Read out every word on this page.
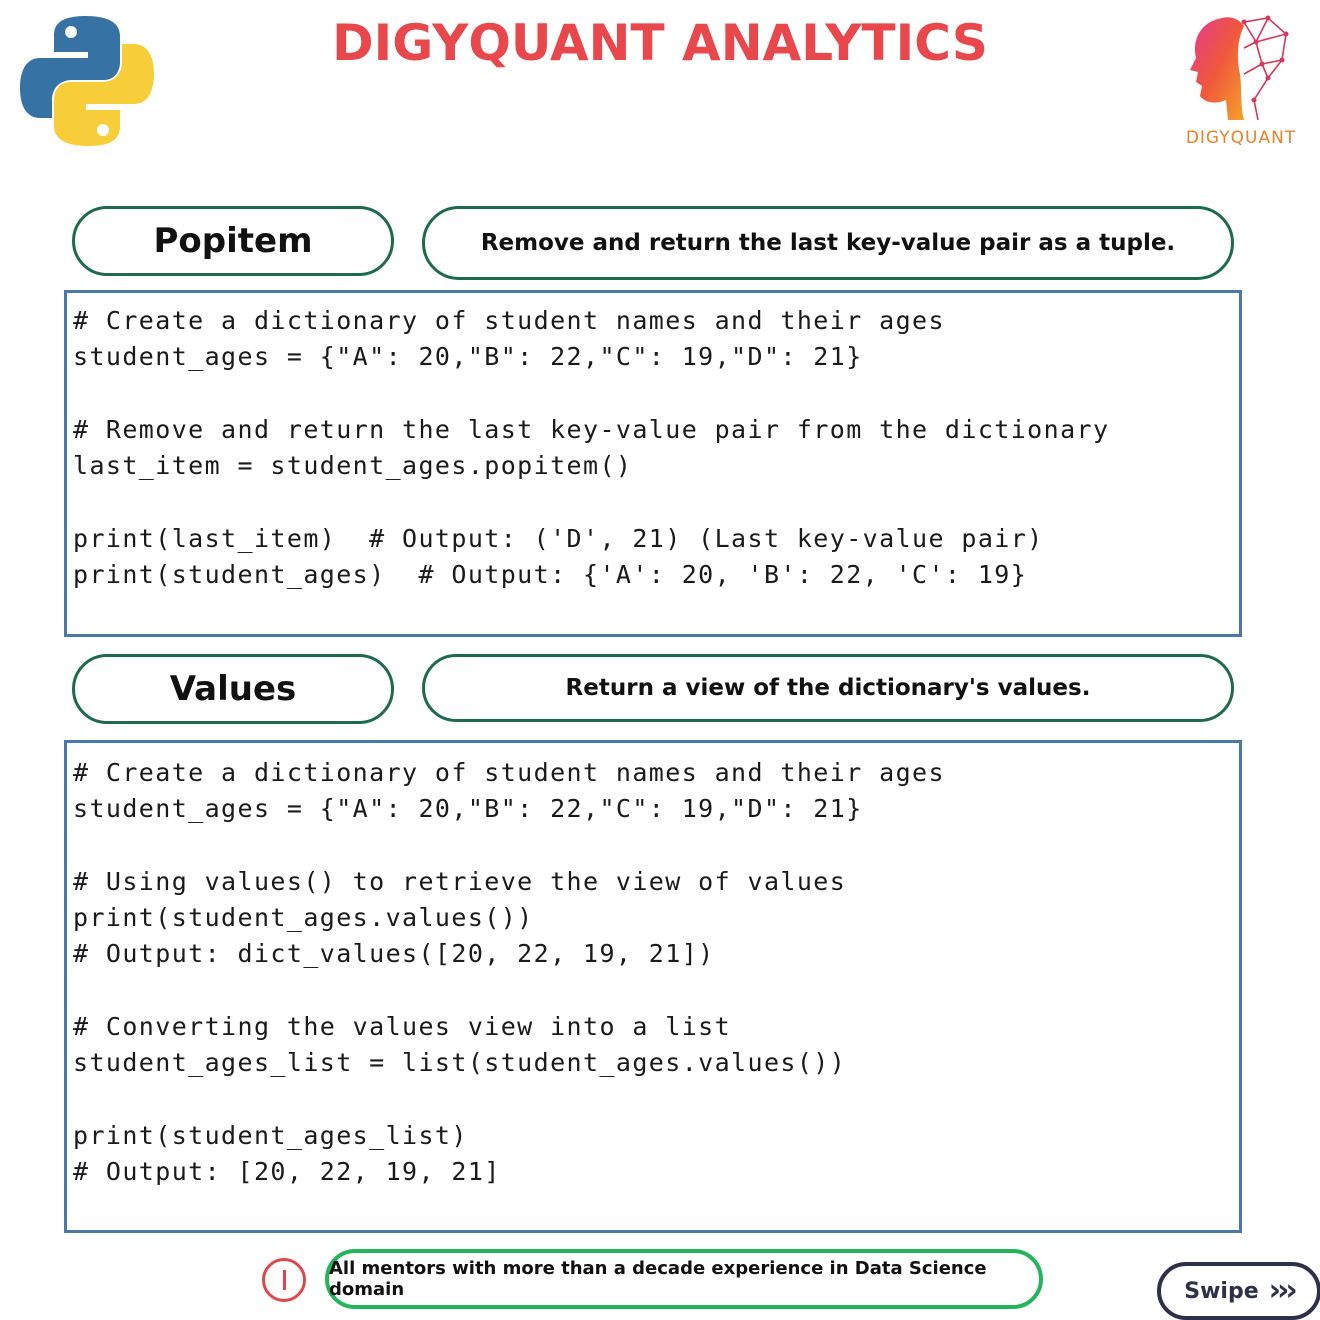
DIGYQUANT ANALYTICS
DIGYQUANT
Popitem	Remove and return the last key-value pair as a tuple.
# Create a dictionary of student names and their ages
student_ages = {"A": 20,"B": 22,"C": 19,"D": 21}

# Remove and return the last key-value pair from the dictionary
last_item = student_ages.popitem()

print(last_item)  # Output: ('D', 21) (Last key-value pair)
print(student_ages)  # Output: {'A': 20, 'B': 22, 'C': 19}
Values	Return a view of the dictionary's values.
# Create a dictionary of student names and their ages
student_ages = {"A": 20,"B": 22,"C": 19,"D": 21}

# Using values() to retrieve the view of values
print(student_ages.values())
# Output: dict_values([20, 22, 19, 21])

# Converting the values view into a list
student_ages_list = list(student_ages.values())

print(student_ages_list)
# Output: [20, 22, 19, 21]
All mentors with more than a decade experience in Data Science domain	Swipe ›››
